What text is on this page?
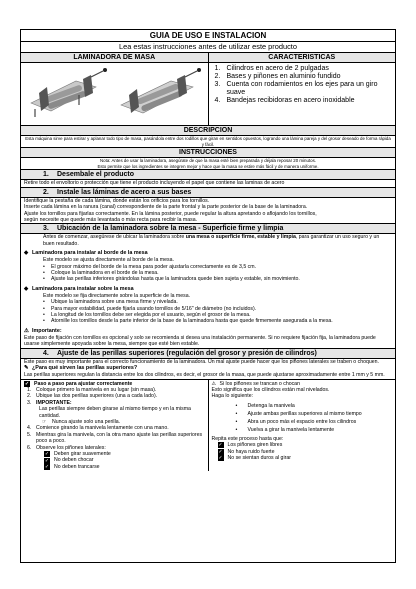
GUIA DE USO E INSTALACION
Lea estas instrucciones antes de utilizar este producto
LAMINADORA DE MASA	CARACTERISTICAS
1. Cilindros en acero de 2 pulgadas
2. Bases y piñones en aluminio fundido
3. Cuenta con rodamientos en los ejes para un giro suave
4. Bandejas recibidoras en acero inoxidable
DESCRIPCION
Esta máquina sirve para estirar y aplanar todo tipo de masa, pasándola entre dos rodillos que giran en sentidos opuestos, logrando una lámina pareja y del grosor deseado de forma rápida y fácil.
INSTRUCCIONES
Nota: Antes de usar la laminadora, asegúrate de que la masa esté bien preparada y déjala reposar 20 minutos.
Esto permite que los ingredientes se integren mejor y hace que la masa se estire más fácil y de manera uniforme.
1.	Desembale el producto
Retire todo el envoltorio o protección que tiene el producto incluyendo el papel que contiene las laminas de acero
2.	Instale las láminas de acero a sus bases
Identifique la pestaña de cada lámina, donde están los orificios para los tornillos.
Inserte cada lámina en la ranura (canal) correspondiente de la parte frontal y la parte posterior de la base de la laminadora.
Ajuste los tornillos para fijarlas correctamente. En la lámina posterior, puede regular la altura apretando o aflojando los tornillos,
según necesite que quede más levantada o más recta para recibir la masa.
3.	Ubicación de la laminadora sobre la mesa - Superficie firme y limpia
Antes de comenzar, asegúrese de ubicar la laminadora sobre una mesa o superficie firme, estable y limpia, para garantizar un uso seguro y un buen resultado.
◆ Laminadora para instalar al borde de la mesa
Este modelo se ajusta directamente al borde de la mesa.
• El grosor máximo del borde de la mesa para poder ajustarla correctamente es de 3,5 cm.
• Coloque la laminadora en el borde de la mesa.
• Ajuste las perillas inferiores girándolas hasta que la laminadora quede bien sujeta y estable, sin movimiento.
◆ Laminadora para instalar sobre la mesa
Este modelo se fija directamente sobre la superficie de la mesa.
• Ubique la laminadora sobre una mesa firme y nivelada.
• Para mayor estabilidad, puede fijarla usando tornillos de 5/16" de diámetro (no incluidos).
• La longitud de los tornillos debe ser elegida por el usuario, según el grosor de la mesa.
• Atornille los tornillos desde la parte inferior de la base de la laminadora hasta que quede firmemente asegurada a la mesa.
⚠ Importante:
Este paso de fijación con tornillos es opcional y solo se recomienda si desea una instalación permanente. Si no requiere fijación fija, la laminadora puede usarse simplemente apoyada sobre la mesa, siempre que esté bien estable.
4.	Ajuste de las perillas superiores (regulación del grosor y presión de cilindros)
Este paso es muy importante para el correcto funcionamiento de la laminadora. Un mal ajuste puede hacer que los piñones laterales se traben o choquen.
✎ ¿Para qué sirven las perillas superiores?
Las perillas superiores regulan la distancia entre los dos cilindros, es decir, el grosor de la masa, que puede ajustarse aproximadamente entre 1 mm y 5 mm.
✓ Paso a paso para ajustar correctamente
1. Coloque primero la manivela en su lugar (sin masa).
2. Ubique las dos perillas superiores (una a cada lado).
3. IMPORTANTE:
Las perillas siempre deben girarse al mismo tiempo y en la misma cantidad.
☞	Nunca ajuste solo una perilla.
4. Comience girando la manivela lentamente con una mano.
5. Mientras gira la manivela, con la otra mano ajuste las perillas superiores poco a poco.
6. Observe los piñones laterales:
✓ Deben girar suavemente
✓ No deben chocar
✓ No deben trancarse
⚠ Si los piñones se trancan o chocan
Esto significa que los cilindros están mal nivelados.
Haga lo siguiente:
• Detenga la manivela
• Ajuste ambas perillas superiores al mismo tiempo
• Abra un poco más el espacio entre los cilindros
• Vuelva a girar la manivela lentamente
Repita este proceso hasta que:
✓ Los piñones giren libres
✓ No haya ruido fuerte
✓ No se sientan duros al girar
